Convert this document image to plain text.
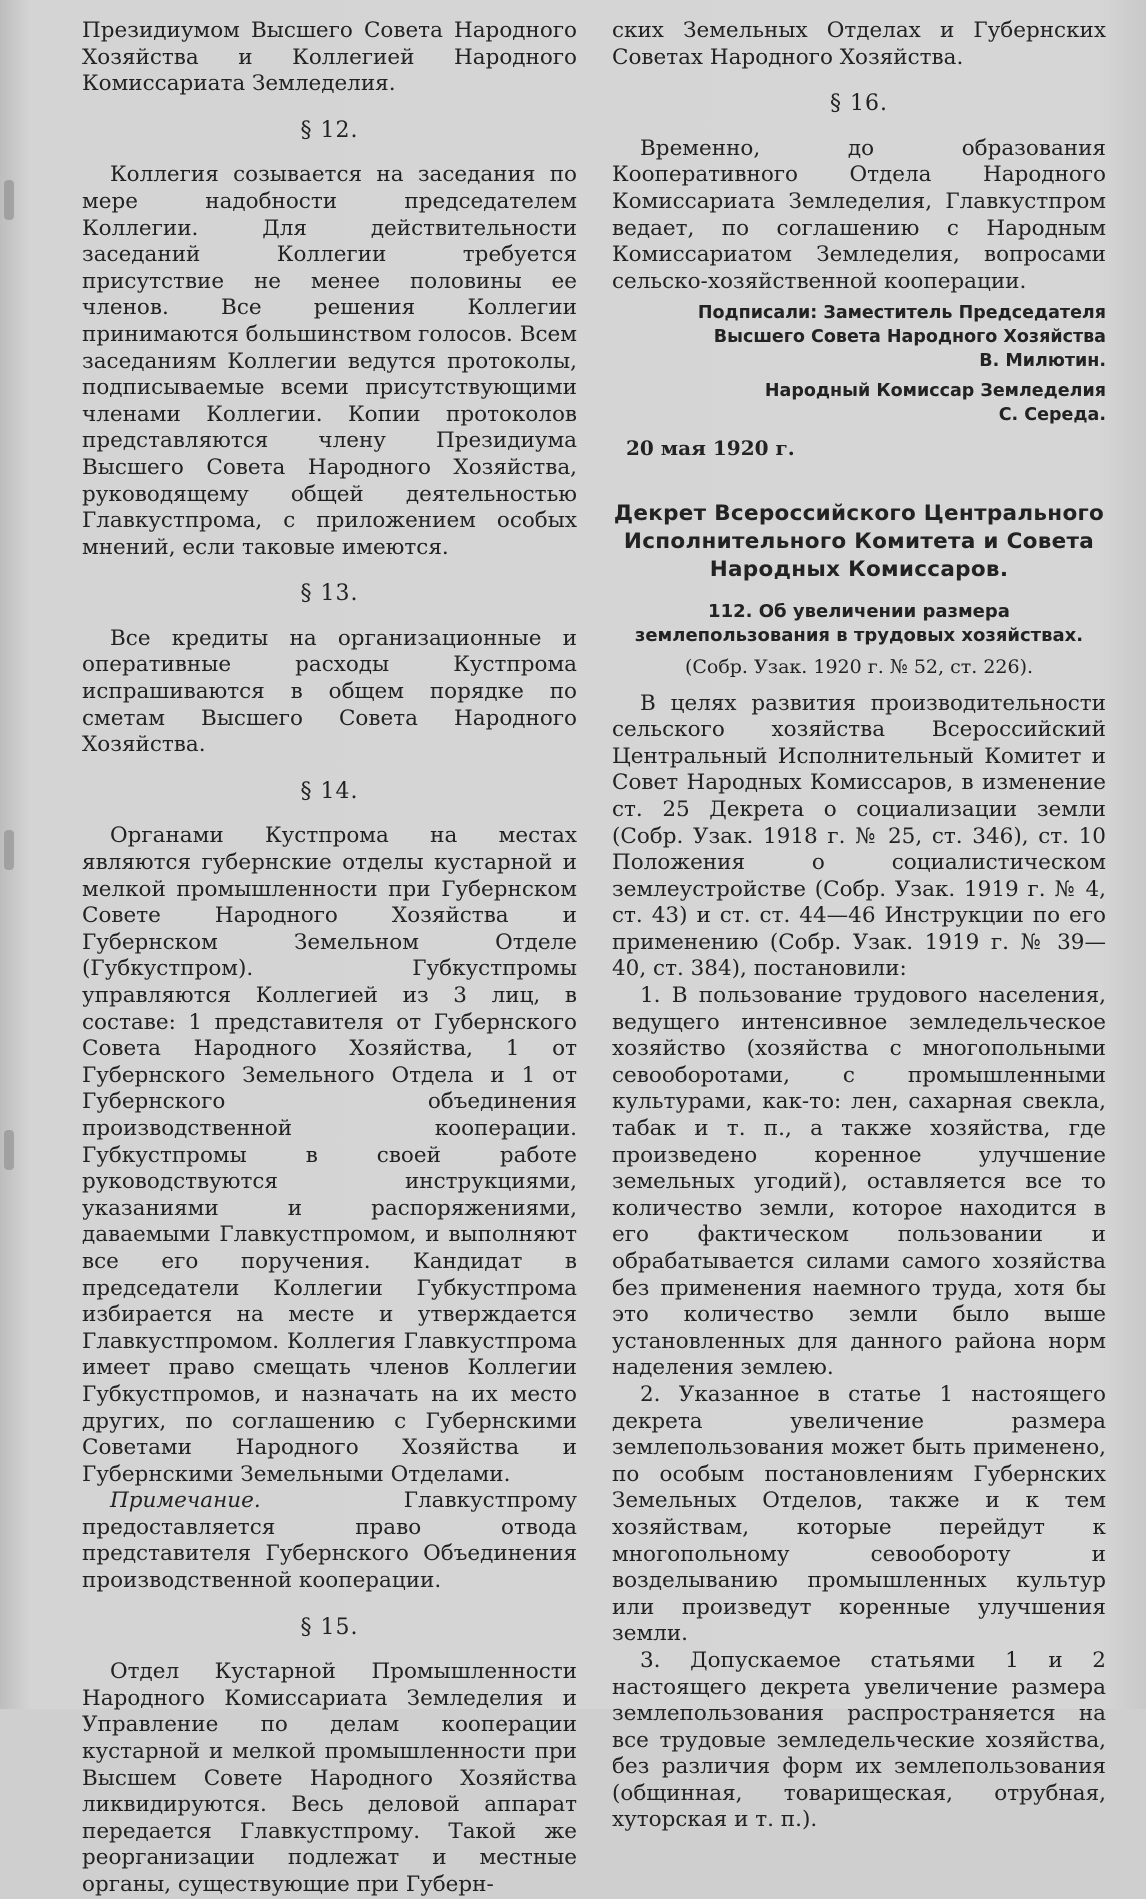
Президиумом Высшего Совета Народного Хозяйства и Коллегией Народного Комиссариата Земледелия.

§ 12.

Коллегия созывается на заседания по мере надобности председателем Коллегии. Для действительности заседаний Коллегии требуется присутствие не менее половины ее членов. Все решения Коллегии принимаются большинством голосов. Всем заседаниям Коллегии ведутся протоколы, подписываемые всеми присутствующими членами Коллегии. Копии протоколов представляются члену Президиума Высшего Совета Народного Хозяйства, руководящему общей деятельностью Главкустпрома, с приложением особых мнений, если таковые имеются.

§ 13.

Все кредиты на организационные и оперативные расходы Кустпрома испрашиваются в общем порядке по сметам Высшего Совета Народного Хозяйства.

§ 14.

Органами Кустпрома на местах являются губернские отделы кустарной и мелкой промышленности при Губернском Совете Народного Хозяйства и Губернском Земельном Отделе (Губкустпром). Губкустпромы управляются Коллегией из 3 лиц, в составе: 1 представителя от Губернского Совета Народного Хозяйства, 1 от Губернского Земельного Отдела и 1 от Губернского объединения производственной кооперации. Губкустпромы в своей работе руководствуются инструкциями, указаниями и распоряжениями, даваемыми Главкустпромом, и выполняют все его поручения. Кандидат в председатели Коллегии Губкустпрома избирается на месте и утверждается Главкустпромом. Коллегия Главкустпрома имеет право смещать членов Коллегии Губкустпромов, и назначать на их место других, по соглашению с Губернскими Советами Народного Хозяйства и Губернскими Земельными Отделами.

Примечание.	Главкустпрому предоставляется право отвода представителя Губернского Объединения производственной кооперации.

§ 15.

Отдел Кустарной Промышленности Народного Комиссариата Земледелия и Управление по делам кооперации кустарной и мелкой промышленности при Высшем Совете Народного Хозяйства ликвидируются. Весь деловой аппарат передается Главкустпрому. Такой же реорганизации подлежат и местные органы, существующие при Губерн-

ских Земельных Отделах и Губернских Советах Народного Хозяйства.

§ 16.

Временно, до образования Кооперативного Отдела Народного Комиссариата Земледелия, Главкустпром ведает, по соглашению с Народным Комиссариатом Земледелия, вопросами сельско-хозяйственной кооперации.

Подписали: Заместитель Председателя
Высшего Совета Народного Хозяйства
В. Милютин.
Народный Комиссар Земледелия
С. Середа.
20 мая 1920 г.
Декрет Всероссийского Центрального Исполнительного Комитета и Совета Народных Комиссаров.
112. Об увеличении размера землепользования в трудовых хозяйствах.
(Собр. Узак. 1920 г. № 52, ст. 226).

В целях развития производительности сельского хозяйства Всероссийский Центральный Исполнительный Комитет и Совет Народных Комиссаров, в изменение ст. 25 Декрета о социализации земли (Собр. Узак. 1918 г. № 25, ст. 346), ст. 10 Положения о социалистическом землеустройстве (Собр. Узак. 1919 г. № 4, ст. 43) и ст. ст. 44—46 Инструкции по его применению (Собр. Узак. 1919 г. № 39—40, ст. 384), постановили:

1. В пользование трудового населения, ведущего интенсивное земледельческое хозяйство (хозяйства с многопольными севооборотами, с промышленными культурами, как-то: лен, сахарная свекла, табак и т. п., а также хозяйства, где произведено коренное улучшение земельных угодий), оставляется все то количество земли, которое находится в его фактическом пользовании и обрабатывается силами самого хозяйства без применения наемного труда, хотя бы это количество земли было выше установленных для данного района норм наделения землею.

2. Указанное в статье 1 настоящего декрета увеличение размера землепользования может быть применено, по особым постановлениям Губернских Земельных Отделов, также и к тем хозяйствам, которые перейдут к многопольному севообороту и возделыванию промышленных культур или произведут коренные улучшения земли.

3. Допускаемое статьями 1 и 2 настоящего декрета увеличение размера землепользования распространяется на все трудовые земледельческие хозяйства, без различия форм их землепользования (общинная, товарищеская, отрубная, хуторская и т. п.).
